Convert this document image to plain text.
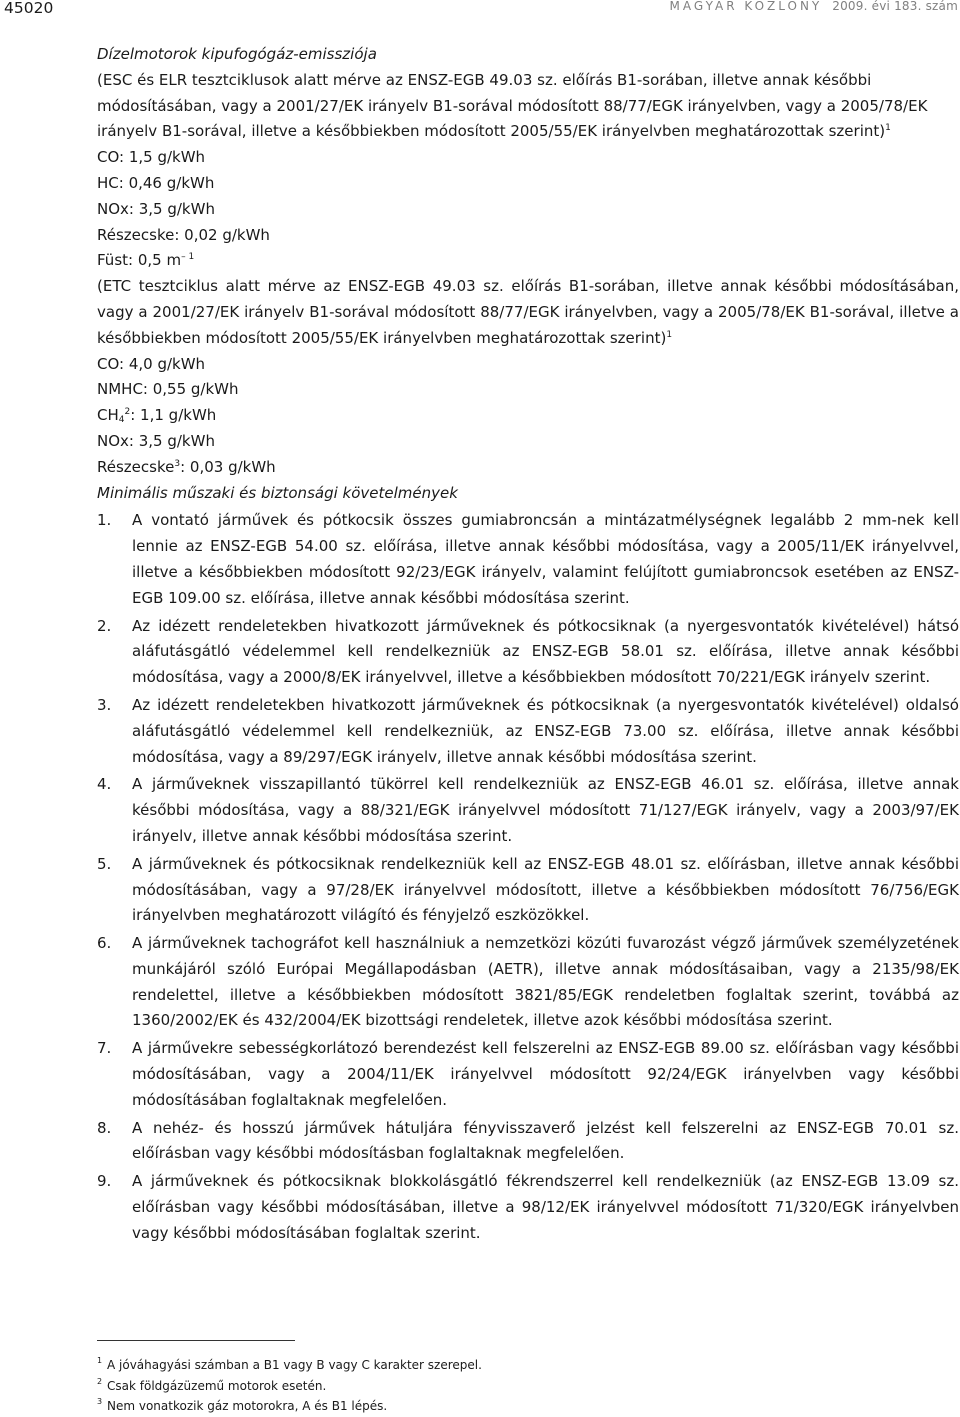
45020	MAGYAR KÖZLÖNY 2009. évi 183. szám

Dízelmotorok kipufogógáz-emissziója

(ESC és ELR tesztciklusok alatt mérve az ENSZ-EGB 49.03 sz. előírás B1-sorában, illetve annak későbbi módosításában, vagy a 2001/27/EK irányelv B1-sorával módosított 88/77/EGK irányelvben, vagy a 2005/78/EK irányelv B1-sorával, illetve a későbbiekben módosított 2005/55/EK irányelvben meghatározottak szerint)$^1$

CO: 1,5 g/kWh

HC: 0,46 g/kWh

NOx: 3,5 g/kWh

Részecske: 0,02 g/kWh

Füst: 0,5 $m^{- 1}$

(ETC tesztciklus alatt mérve az ENSZ-EGB 49.03 sz. előírás B1-sorában, illetve annak későbbi módosításában, vagy a 2001/27/EK irányelv B1-sorával módosított 88/77/EGK irányelvben, vagy a 2005/78/EK B1-sorával, illetve a későbbiekben módosított 2005/55/EK irányelvben meghatározottak szerint)$^1$

CO: 4,0 g/kWh

NMHC: 0,55 g/kWh

$CH_4^2$: 1,1 g/kWh

NOx: 3,5 g/kWh

Részecske$^3$: 0,03 g/kWh

Minimális műszaki és biztonsági követelmények

1. A vontató járművek és pótkocsik összes gumiabroncsán a mintázatmélységnek legalább 2 mm-nek kell lennie az ENSZ-EGB 54.00 sz. előírása, illetve annak későbbi módosítása, vagy a 2005/11/EK irányelvvel, illetve a későbbiekben módosított 92/23/EGK irányelv, valamint felújított gumiabroncsok esetében az ENSZ-EGB 109.00 sz. előírása, illetve annak későbbi módosítása szerint.
2. Az idézett rendeletekben hivatkozott járműveknek és pótkocsiknak (a nyergesvontatók kivételével) hátsó aláfutásgátló védelemmel kell rendelkezniük az ENSZ-EGB 58.01 sz. előírása, illetve annak későbbi módosítása, vagy a 2000/8/EK irányelvvel, illetve a későbbiekben módosított 70/221/EGK irányelv szerint.
3. Az idézett rendeletekben hivatkozott járműveknek és pótkocsiknak (a nyergesvontatók kivételével) oldalsó aláfutásgátló védelemmel kell rendelkezniük, az ENSZ-EGB 73.00 sz. előírása, illetve annak későbbi módosítása, vagy a 89/297/EGK irányelv, illetve annak későbbi módosítása szerint.
4. A járműveknek visszapillantó tükörrel kell rendelkezniük az ENSZ-EGB 46.01 sz. előírása, illetve annak későbbi módosítása, vagy a 88/321/EGK irányelvvel módosított 71/127/EGK irányelv, vagy a 2003/97/EK irányelv, illetve annak későbbi módosítása szerint.
5. A járműveknek és pótkocsiknak rendelkezniük kell az ENSZ-EGB 48.01 sz. előírásban, illetve annak későbbi módosításában, vagy a 97/28/EK irányelvvel módosított, illetve a későbbiekben módosított 76/756/EGK irányelvben meghatározott világító és fényjelző eszközökkel.
6. A járműveknek tachográfot kell használniuk a nemzetközi közúti fuvarozást végző járművek személyzetének munkájáról szóló Európai Megállapodásban (AETR), illetve annak módosításaiban, vagy a 2135/98/EK rendelettel, illetve a későbbiekben módosított 3821/85/EGK rendeletben foglaltak szerint, továbbá az 1360/2002/EK és 432/2004/EK bizottsági rendeletek, illetve azok későbbi módosítása szerint.
7. A járművekre sebességkorlátozó berendezést kell felszerelni az ENSZ-EGB 89.00 sz. előírásban vagy későbbi módosításában, vagy a 2004/11/EK irányelvvel módosított 92/24/EGK irányelvben vagy későbbi módosításában foglaltaknak megfelelően.
8. A nehéz- és hosszú járművek hátuljára fényvisszaverő jelzést kell felszerelni az ENSZ-EGB 70.01 sz. előírásban vagy későbbi módosításban foglaltaknak megfelelően.
9. A járműveknek és pótkocsiknak blokkolásgátló fékrendszerrel kell rendelkezniük (az ENSZ-EGB 13.09 sz. előírásban vagy későbbi módosításában, illetve a 98/12/EK irányelvvel módosított 71/320/EGK irányelvben vagy későbbi módosításában foglaltak szerint.
1 A jóváhagyási számban a B1 vagy B vagy C karakter szerepel.
2 Csak földgázüzemű motorok esetén.
3 Nem vonatkozik gáz motorokra, A és B1 lépés.
